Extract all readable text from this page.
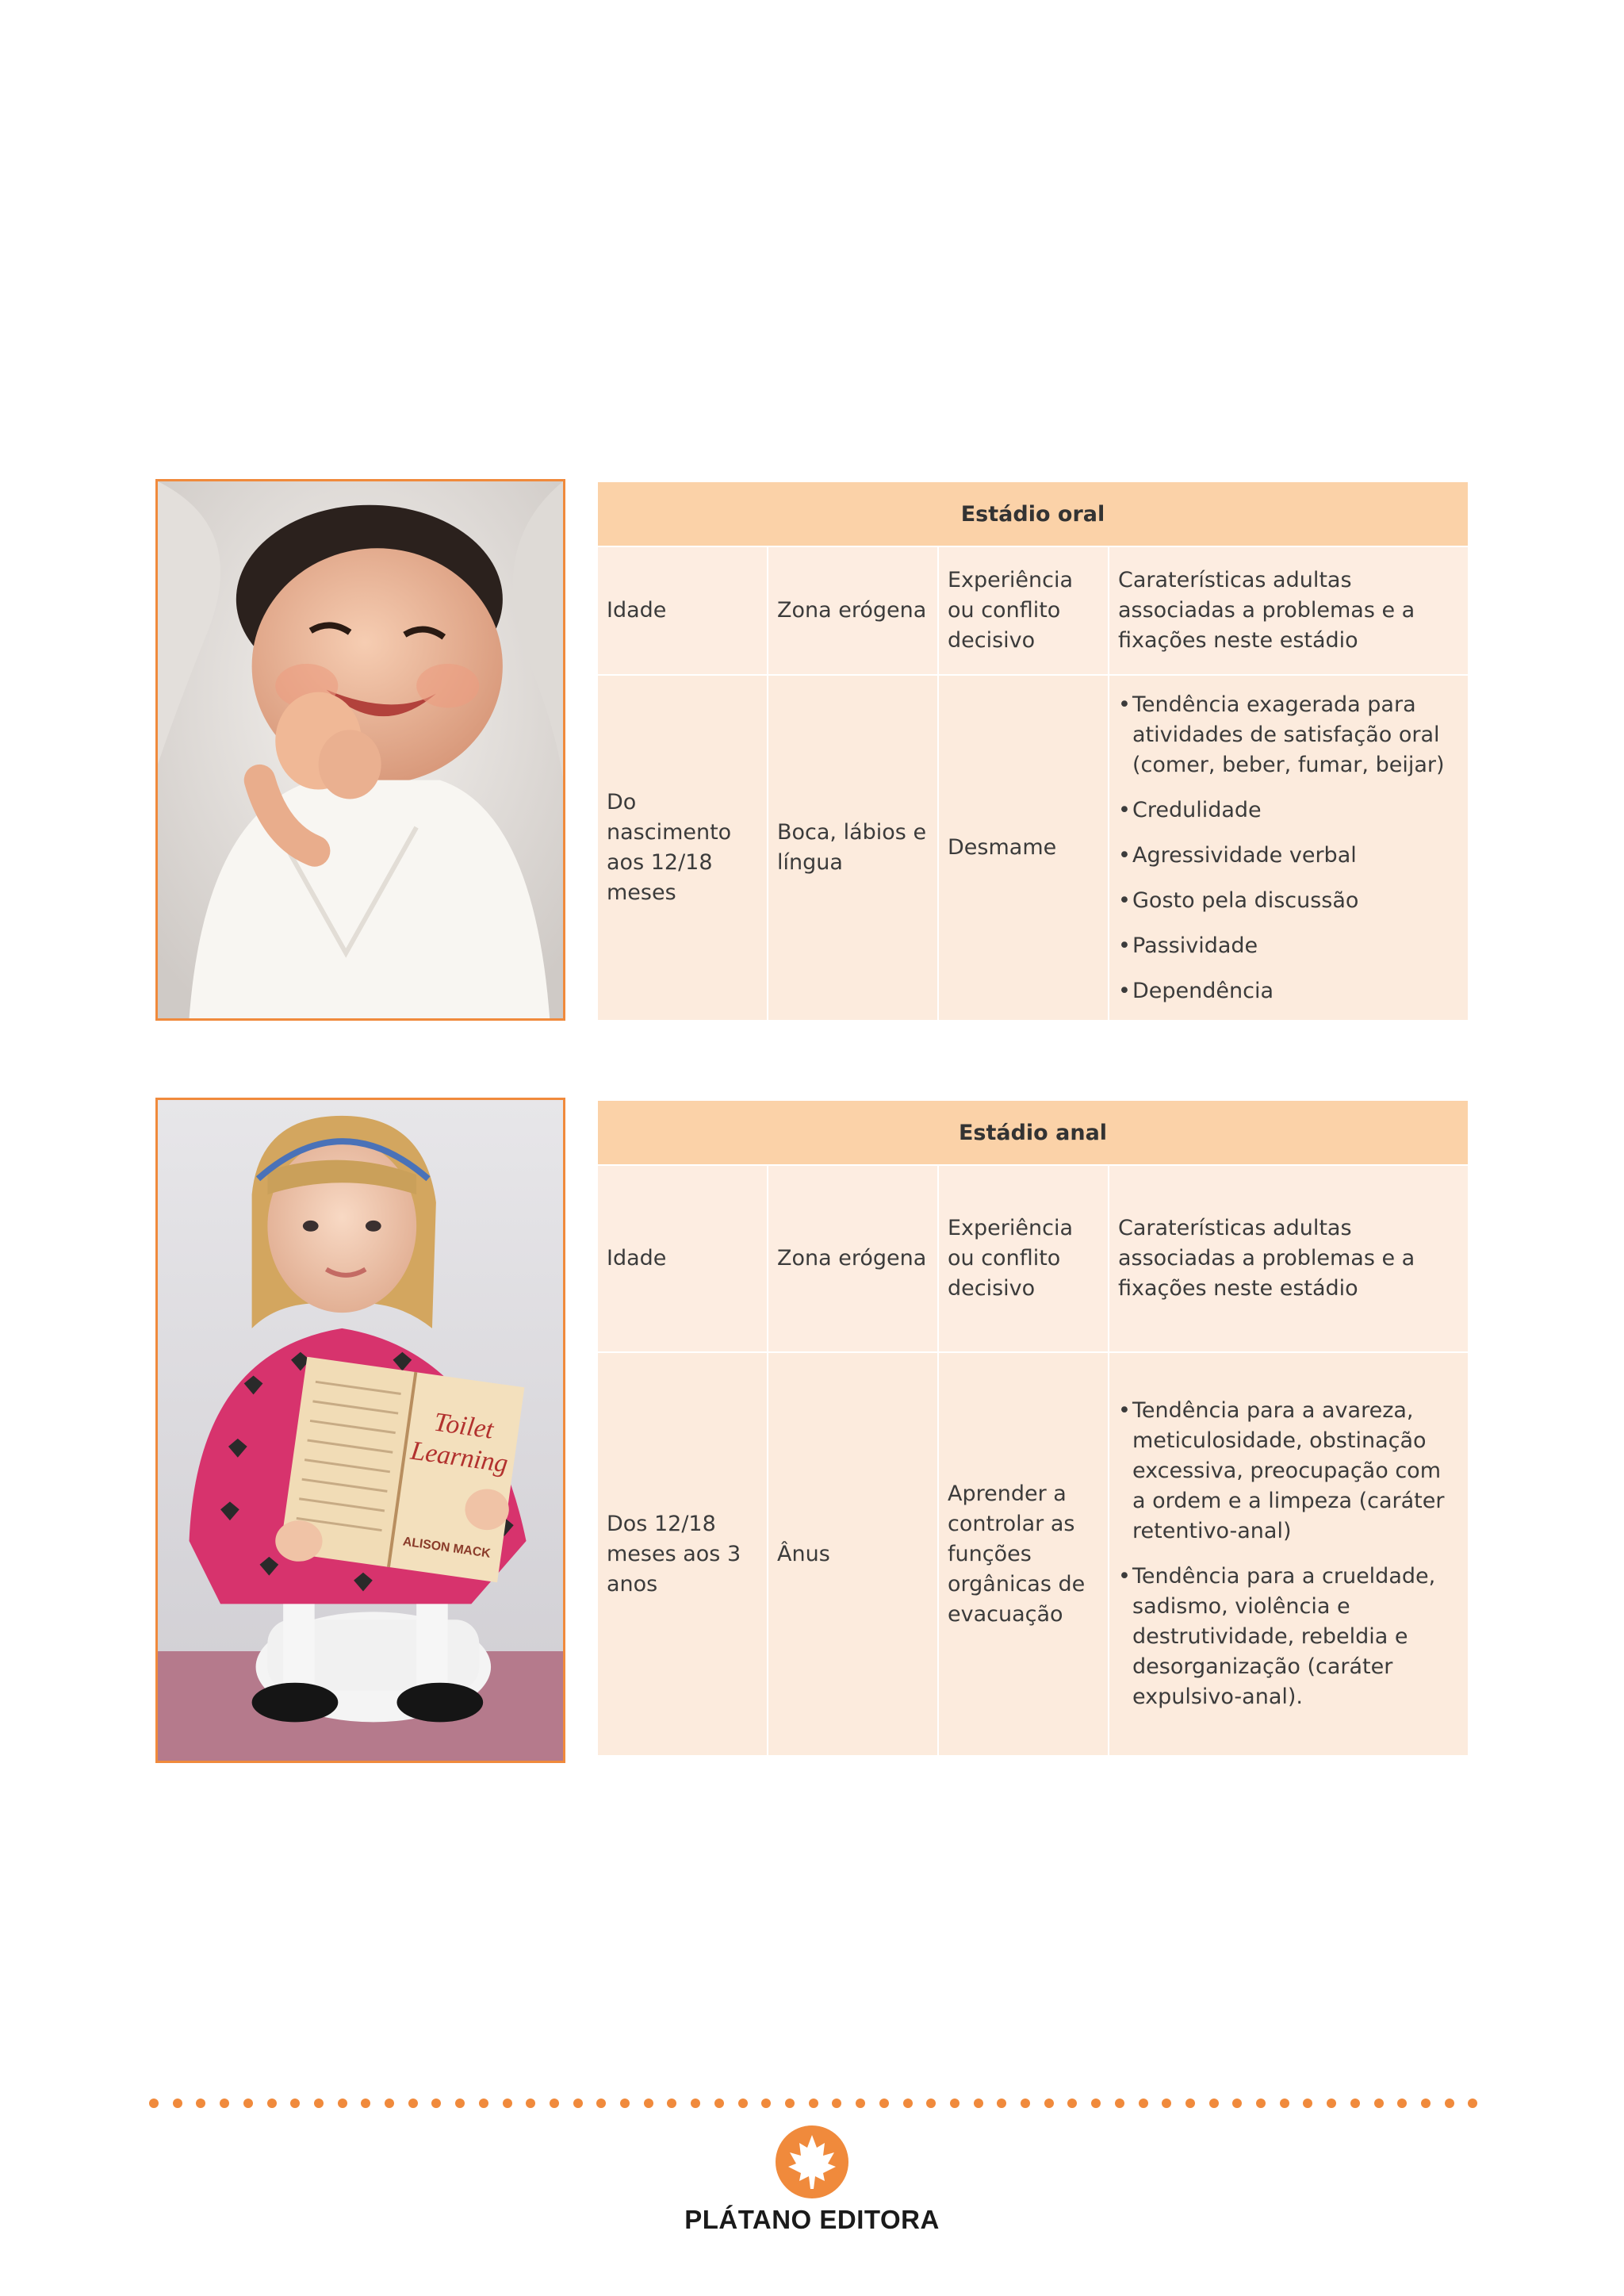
Estádio oral
Idade	Zona erógena
Experiência ou conflito decisivo
Caraterísticas adultas associadas a problemas e a fixações neste estádio
Do nascimento aos 12/18 meses
Boca, lábios e língua
Desmame
• Tendência exagerada para atividades de satisfação oral (comer, beber, fumar, beijar)
• Credulidade
• Agressividade verbal
• Gosto pela discussão
• Passividade
• Dependência
Toilet
Learning
ALISON MACK
Estádio anal
Idade	Zona erógena
Experiência ou conflito decisivo
Caraterísticas adultas associadas a problemas e a fixações neste estádio
Dos 12/18 meses aos 3 anos
Ânus
Aprender a controlar as funções orgânicas de evacuação
• Tendência para a avareza, meticulosidade, obstinação excessiva, preocupação com a ordem e a limpeza (caráter retentivo-anal)
• Tendência para a crueldade, sadismo, violência e destrutividade, rebeldia e desorganização (caráter expulsivo-anal).
PLÁTANO EDITORA
